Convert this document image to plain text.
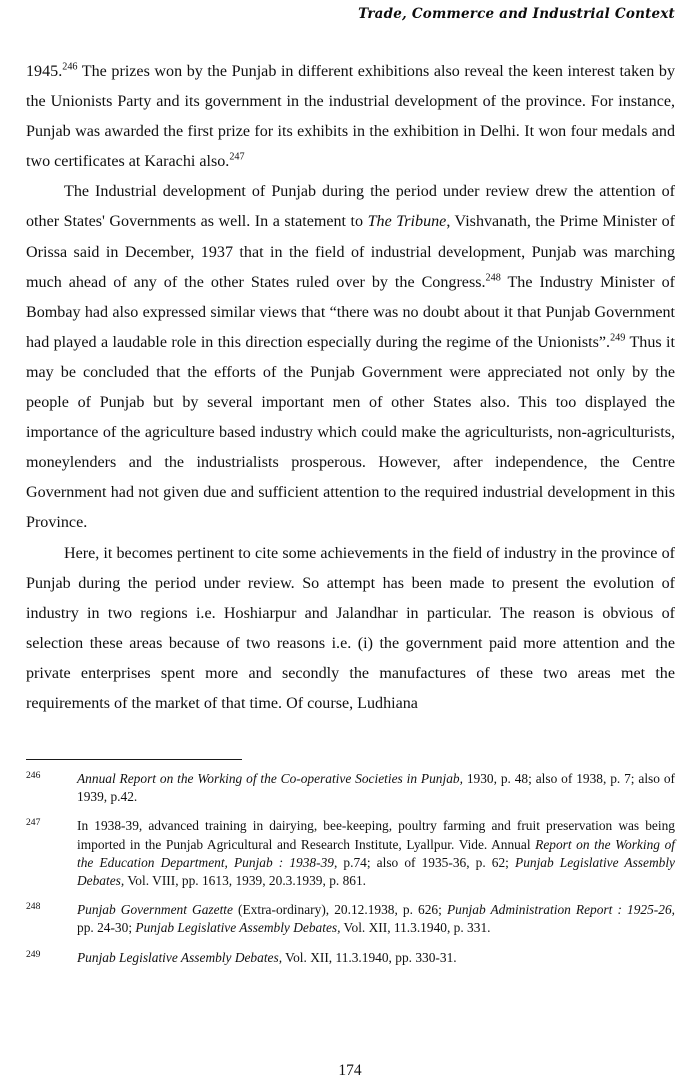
Trade, Commerce and Industrial Context

1945.$^{246}$ The prizes won by the Punjab in different exhibitions also reveal the keen interest taken by the Unionists Party and its government in the industrial development of the province. For instance, Punjab was awarded the first prize for its exhibits in the exhibition in Delhi. It won four medals and two certificates at Karachi also.$^{247}$

The Industrial development of Punjab during the period under review drew the attention of other States' Governments as well. In a statement to The Tribune, Vishvanath, the Prime Minister of Orissa said in December, 1937 that in the field of industrial development, Punjab was marching much ahead of any of the other States ruled over by the Congress.$^{248}$ The Industry Minister of Bombay had also expressed similar views that “there was no doubt about it that Punjab Government had played a laudable role in this direction especially during the regime of the Unionists”.$^{249}$ Thus it may be concluded that the efforts of the Punjab Government were appreciated not only by the people of Punjab but by several important men of other States also. This too displayed the importance of the agriculture based industry which could make the agriculturists, non-agriculturists, moneylenders and the industrialists prosperous. However, after independence, the Centre Government had not given due and sufficient attention to the required industrial development in this Province.

Here, it becomes pertinent to cite some achievements in the field of industry in the province of Punjab during the period under review. So attempt has been made to present the evolution of industry in two regions i.e. Hoshiarpur and Jalandhar in particular. The reason is obvious of selection these areas because of two reasons i.e. (i) the government paid more attention and the private enterprises spent more and secondly the manufactures of these two areas met the requirements of the market of that time. Of course, Ludhiana

246	Annual Report on the Working of the Co-operative Societies in Punjab, 1930, p. 48; also of 1938, p. 7; also of 1939, p.42.
247	In 1938-39, advanced training in dairying, bee-keeping, poultry farming and fruit preservation was being imported in the Punjab Agricultural and Research Institute, Lyallpur. Vide. Annual Report on the Working of the Education Department, Punjab : 1938-39, p.74; also of 1935-36, p. 62; Punjab Legislative Assembly Debates, Vol. VIII, pp. 1613, 1939, 20.3.1939, p. 861.
248	Punjab Government Gazette (Extra-ordinary), 20.12.1938, p. 626; Punjab Administration Report : 1925-26, pp. 24-30; Punjab Legislative Assembly Debates, Vol. XII, 11.3.1940, p. 331.
249	Punjab Legislative Assembly Debates, Vol. XII, 11.3.1940, pp. 330-31.
174
